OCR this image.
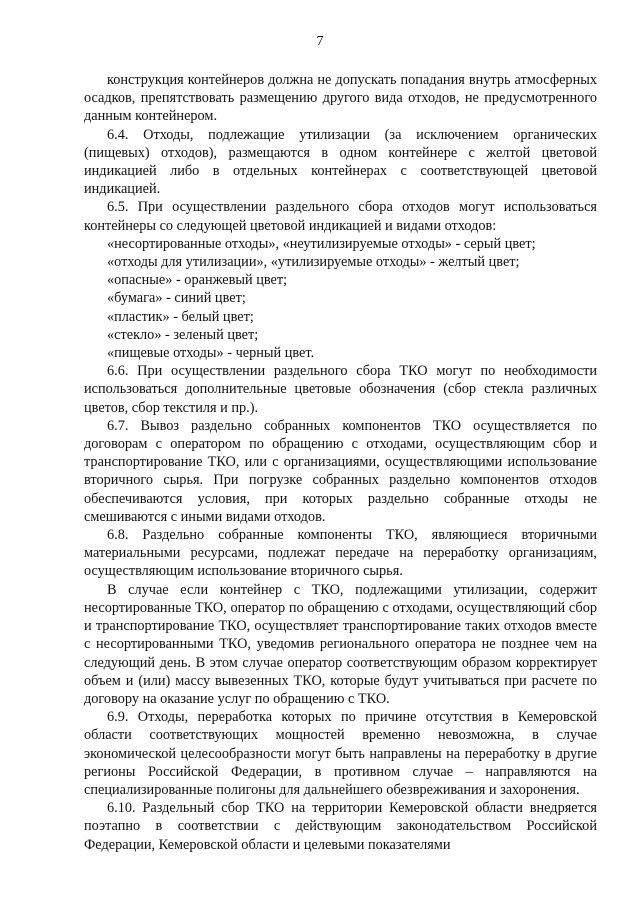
7

конструкция контейнеров должна не допускать попадания внутрь атмосферных осадков, препятствовать размещению другого вида отходов, не предусмотренного данным контейнером.

6.4. Отходы, подлежащие утилизации (за исключением органических (пищевых) отходов), размещаются в одном контейнере с желтой цветовой индикацией либо в отдельных контейнерах с соответствующей цветовой индикацией.

6.5. При осуществлении раздельного сбора отходов могут использоваться контейнеры со следующей цветовой индикацией и видами отходов:

«несортированные отходы», «неутилизируемые отходы» - серый цвет;

«отходы для утилизации», «утилизируемые отходы» - желтый цвет;

«опасные» - оранжевый цвет;

«бумага» - синий цвет;

«пластик» - белый цвет;

«стекло» - зеленый цвет;

«пищевые отходы» - черный цвет.

6.6. При осуществлении раздельного сбора ТКО могут по необходимости использоваться дополнительные цветовые обозначения (сбор стекла различных цветов, сбор текстиля и пр.).

6.7. Вывоз раздельно собранных компонентов ТКО осуществляется по договорам с оператором по обращению с отходами, осуществляющим сбор и транспортирование ТКО, или с организациями, осуществляющими использование вторичного сырья. При погрузке собранных раздельно компонентов отходов обеспечиваются условия, при которых раздельно собранные отходы не смешиваются с иными видами отходов.

6.8. Раздельно собранные компоненты ТКО, являющиеся вторичными материальными ресурсами, подлежат передаче на переработку организациям, осуществляющим использование вторичного сырья.

В случае если контейнер с ТКО, подлежащими утилизации, содержит несортированные ТКО, оператор по обращению с отходами, осуществляющий сбор и транспортирование ТКО, осуществляет транспортирование таких отходов вместе с несортированными ТКО, уведомив регионального оператора не позднее чем на следующий день. В этом случае оператор соответствующим образом корректирует объем и (или) массу вывезенных ТКО, которые будут учитываться при расчете по договору на оказание услуг по обращению с ТКО.

6.9. Отходы, переработка которых по причине отсутствия в Кемеровской области соответствующих мощностей временно невозможна, в случае экономической целесообразности могут быть направлены на переработку в другие регионы Российской Федерации, в противном случае – направляются на специализированные полигоны для дальнейшего обезвреживания и захоронения.

6.10. Раздельный сбор ТКО на территории Кемеровской области внедряется поэтапно в соответствии с действующим законодательством Российской Федерации, Кемеровской области и целевыми показателями
